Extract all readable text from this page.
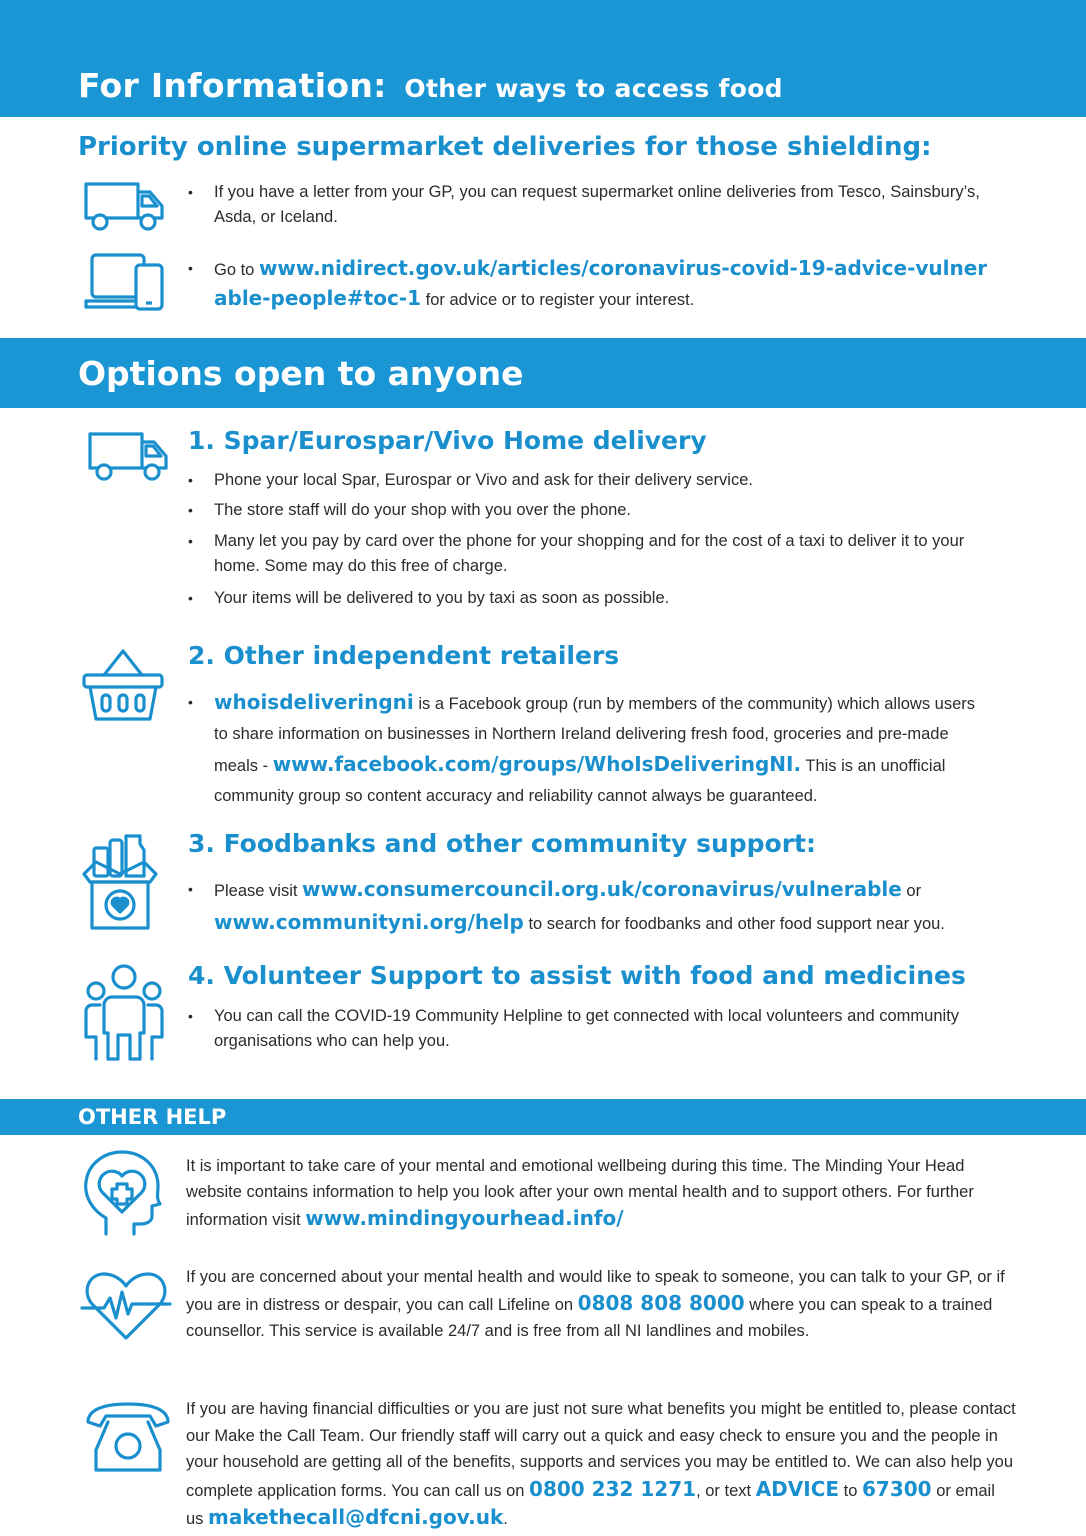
For Information: Other ways to access food
Priority online supermarket deliveries for those shielding:
• If you have a letter from your GP, you can request supermarket online deliveries from Tesco, Sainsbury’s, Asda, or Iceland.
• Go to www.nidirect.gov.uk/articles/coronavirus-covid-19-advice-vulnerable-people#toc-1 for advice or to register your interest.
Options open to anyone
1. Spar/Eurospar/Vivo Home delivery
• Phone your local Spar, Eurospar or Vivo and ask for their delivery service.
• The store staff will do your shop with you over the phone.
• Many let you pay by card over the phone for your shopping and for the cost of a taxi to deliver it to your home. Some may do this free of charge.
• Your items will be delivered to you by taxi as soon as possible.
2. Other independent retailers
• whoisdeliveringni is a Facebook group (run by members of the community) which allows users to share information on businesses in Northern Ireland delivering fresh food, groceries and pre-made meals - www.facebook.com/groups/WhoIsDeliveringNI. This is an unofficial community group so content accuracy and reliability cannot always be guaranteed.
3. Foodbanks and other community support:
• Please visit www.consumercouncil.org.uk/coronavirus/vulnerable or www.communityni.org/help to search for foodbanks and other food support near you.
4. Volunteer Support to assist with food and medicines
• You can call the COVID-19 Community Helpline to get connected with local volunteers and community organisations who can help you.
OTHER HELP
It is important to take care of your mental and emotional wellbeing during this time. The Minding Your Head website contains information to help you look after your own mental health and to support others. For further information visit www.mindingyourhead.info/
If you are concerned about your mental health and would like to speak to someone, you can talk to your GP, or if you are in distress or despair, you can call Lifeline on 0808 808 8000 where you can speak to a trained counsellor. This service is available 24/7 and is free from all NI landlines and mobiles.
If you are having financial difficulties or you are just not sure what benefits you might be entitled to, please contact our Make the Call Team. Our friendly staff will carry out a quick and easy check to ensure you and the people in your household are getting all of the benefits, supports and services you may be entitled to. We can also help you complete application forms. You can call us on 0800 232 1271, or text ADVICE to 67300 or email us makethecall@dfcni.gov.uk.
